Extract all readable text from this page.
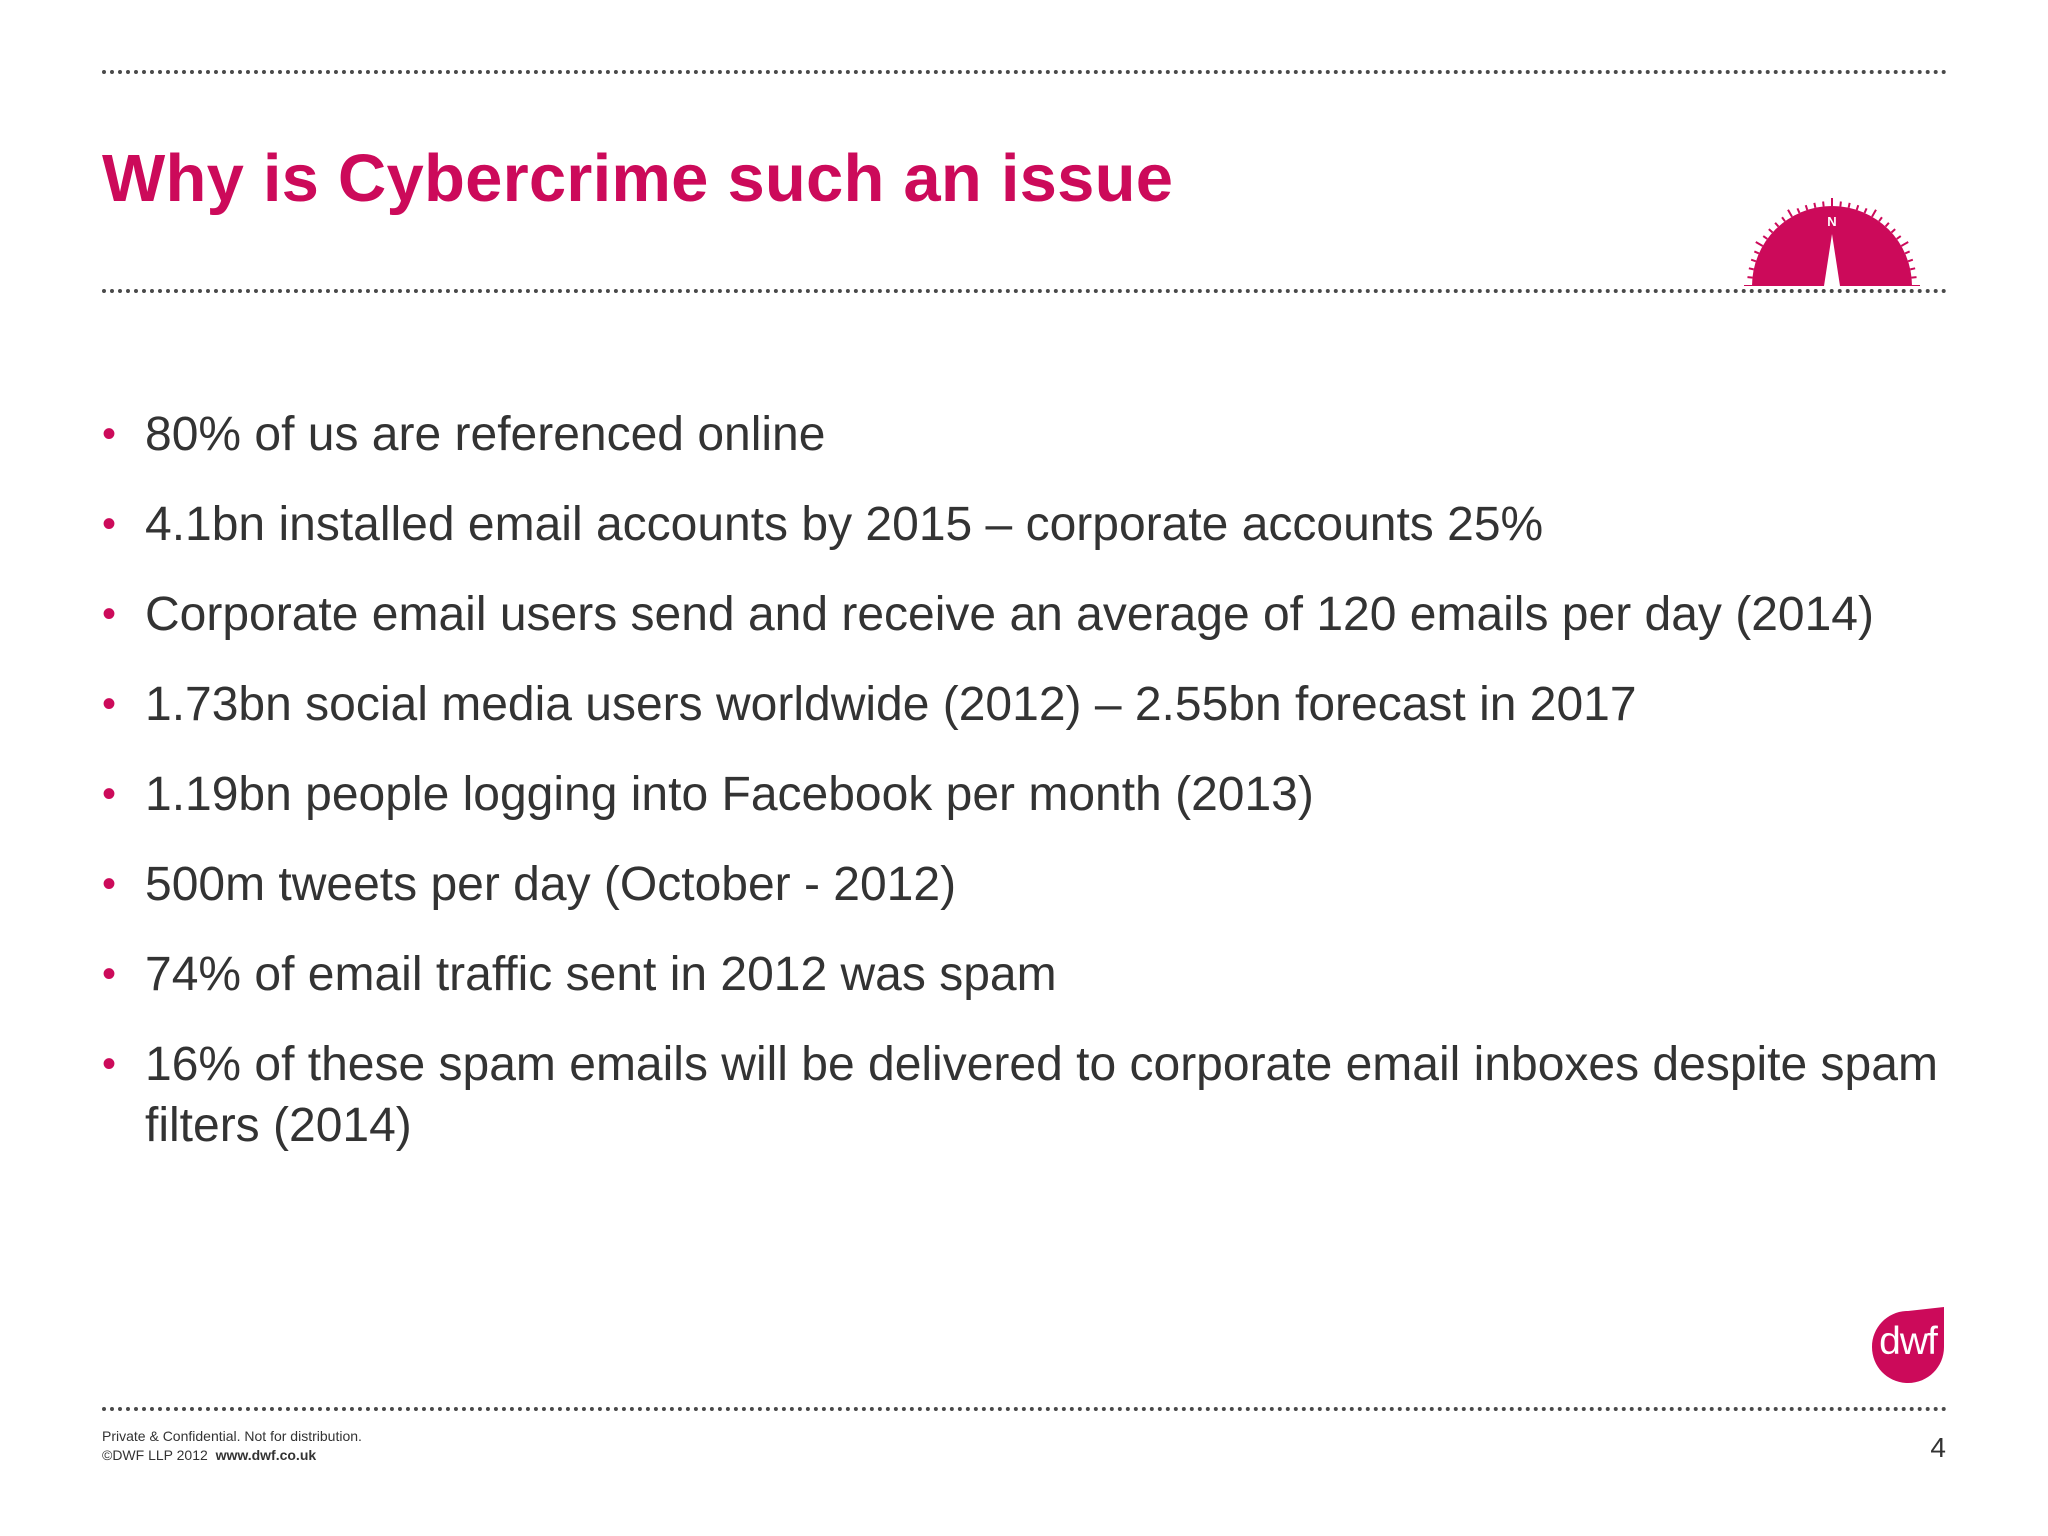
Why is Cybercrime such an issue
N
• 80% of us are referenced online
• 4.1bn installed email accounts by 2015 – corporate accounts 25%
• Corporate email users send and receive an average of 120 emails per day (2014)
• 1.73bn social media users worldwide (2012) – 2.55bn forecast in 2017
• 1.19bn people logging into Facebook per month (2013)
• 500m tweets per day (October - 2012)
• 74% of email traffic sent in 2012 was spam
• 16% of these spam emails will be delivered to corporate email inboxes despite spam filters (2014)
dwf
Private & Confidential. Not for distribution.
©DWF LLP 2012 www.dwf.co.uk	4
